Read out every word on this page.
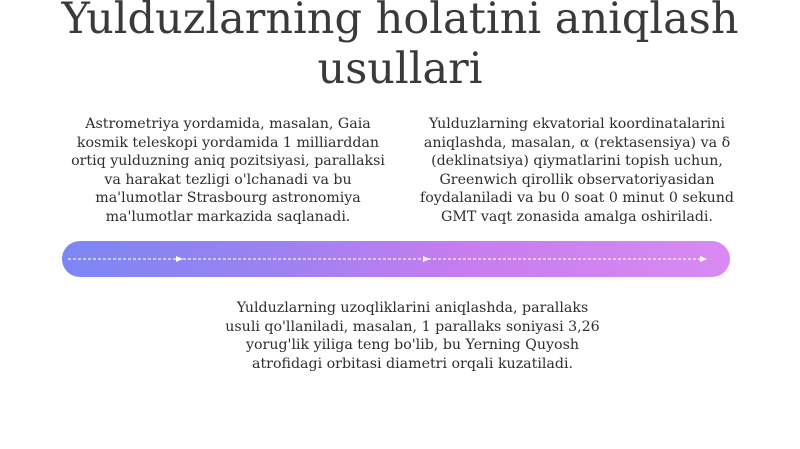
Yulduzlarning holatini aniqlash usullari
Astrometriya yordamida, masalan, Gaia kosmik teleskopi yordamida 1 milliarddan ortiq yulduzning aniq pozitsiyasi, parallaksi va harakat tezligi o'lchanadi va bu ma'lumotlar Strasbourg astronomiya ma'lumotlar markazida saqlanadi.
Yulduzlarning ekvatorial koordinatalarini aniqlashda, masalan, α (rektasensiya) va δ (deklinatsiya) qiymatlarini topish uchun, Greenwich qirollik observatoriyasidan foydalaniladi va bu 0 soat 0 minut 0 sekund GMT vaqt zonasida amalga oshiriladi.
Yulduzlarning uzoqliklarini aniqlashda, parallaks usuli qo'llaniladi, masalan, 1 parallaks soniyasi 3,26 yorug'lik yiliga teng bo'lib, bu Yerning Quyosh atrofidagi orbitasi diametri orqali kuzatiladi.
